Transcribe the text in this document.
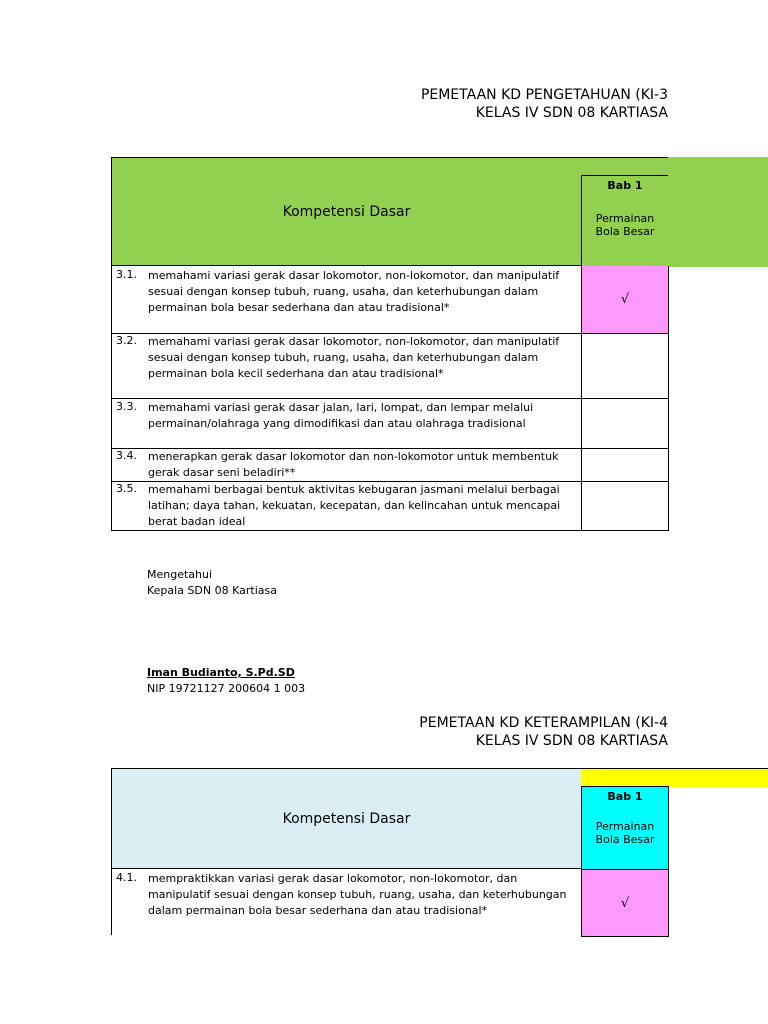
PEMETAAN KD PENGETAHUAN (KI-3
KELAS IV SDN 08 KARTIASA
Kompetensi Dasar
Bab 1
Permainan
Bola Besar
3.1. memahami variasi gerak dasar lokomotor, non-lokomotor, dan manipulatif
sesuai dengan konsep tubuh, ruang, usaha, dan keterhubungan dalam
permainan bola besar sederhana dan atau tradisional*
√
3.2. memahami variasi gerak dasar lokomotor, non-lokomotor, dan manipulatif
sesuai dengan konsep tubuh, ruang, usaha, dan keterhubungan dalam
permainan bola kecil sederhana dan atau tradisional*
3.3. memahami variasi gerak dasar jalan, lari, lompat, dan lempar melalui
permainan/olahraga yang dimodifikasi dan atau olahraga tradisional
3.4. menerapkan gerak dasar lokomotor dan non-lokomotor untuk membentuk
gerak dasar seni beladiri**
3.5. memahami berbagai bentuk aktivitas kebugaran jasmani melalui berbagai
latihan; daya tahan, kekuatan, kecepatan, dan kelincahan untuk mencapai
berat badan ideal
Mengetahui
Kepala SDN 08 Kartiasa
Iman Budianto, S.Pd.SD
NIP 19721127 200604 1 003
PEMETAAN KD KETERAMPILAN (KI-4
KELAS IV SDN 08 KARTIASA
Kompetensi Dasar
Bab 1
Permainan
Bola Besar
4.1. mempraktikkan variasi gerak dasar lokomotor, non-lokomotor, dan
manipulatif sesuai dengan konsep tubuh, ruang, usaha, dan keterhubungan
dalam permainan bola besar sederhana dan atau tradisional*	√
